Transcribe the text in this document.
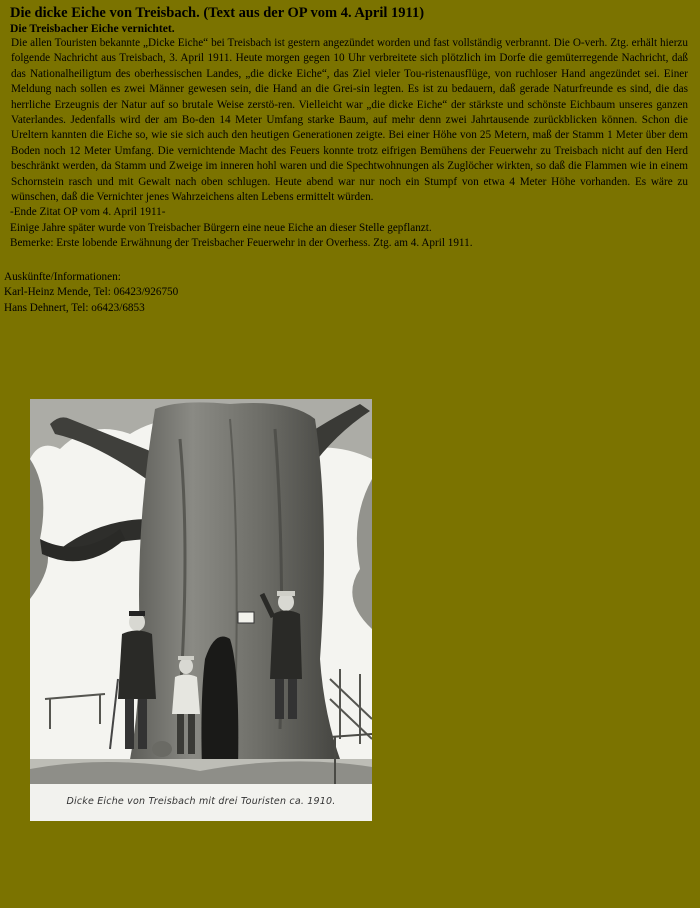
Die dicke Eiche von Treisbach. (Text aus der OP vom 4. April 1911)

Die Treisbacher Eiche vernichtet.

Die allen Touristen bekannte „Dicke Eiche“ bei Treisbach ist gestern angezündet worden und fast vollständig verbrannt. Die O-verh. Ztg. erhält hierzu folgende Nachricht aus Treisbach, 3. April 1911. Heute morgen gegen 10 Uhr verbreitete sich plötzlich im Dorfe die gemüterregende Nachricht, daß das Nationalheiligtum des oberhessischen Landes, „die dicke Eiche“, das Ziel vieler Tou-ristenausflüge, von ruchloser Hand angezündet sei. Einer Meldung nach sollen es zwei Männer gewesen sein, die Hand an die Grei-sin legten. Es ist zu bedauern, daß gerade Naturfreunde es sind, die das herrliche Erzeugnis der Natur auf so brutale Weise zerstö-ren. Vielleicht war „die dicke Eiche“ der stärkste und schönste Eichbaum unseres ganzen Vaterlandes. Jedenfalls wird der am Bo-den 14 Meter Umfang starke Baum, auf mehr denn zwei Jahrtausende zurückblicken können. Schon die Ureltern kannten die Eiche so, wie sie sich auch den heutigen Generationen zeigte. Bei einer Höhe von 25 Metern, maß der Stamm 1 Meter über dem Boden noch 12 Meter Umfang. Die vernichtende Macht des Feuers konnte trotz eifrigen Bemühens der Feuerwehr zu Treisbach nicht auf den Herd beschränkt werden, da Stamm und Zweige im inneren hohl waren und die Spechtwohnungen als Zuglöcher wirkten, so daß die Flammen wie in einem Schornstein rasch und mit Gewalt nach oben schlugen. Heute abend war nur noch ein Stumpf von etwa 4 Meter Höhe vorhanden. Es wäre zu wünschen, daß die Vernichter jenes Wahrzeichens alten Lebens ermittelt würden.

-Ende Zitat OP vom 4. April 1911-

Einige Jahre später wurde von Treisbacher Bürgern eine neue Eiche an dieser Stelle gepflanzt.

Bemerke: Erste lobende Erwähnung der Treisbacher Feuerwehr in der Overhess. Ztg. am 4. April 1911.

Auskünfte/Informationen:
Karl-Heinz Mende, Tel: 06423/926750
Hans Dehnert, Tel: o6423/6853
Dicke Eiche von Treisbach mit drei Touristen ca. 1910.
